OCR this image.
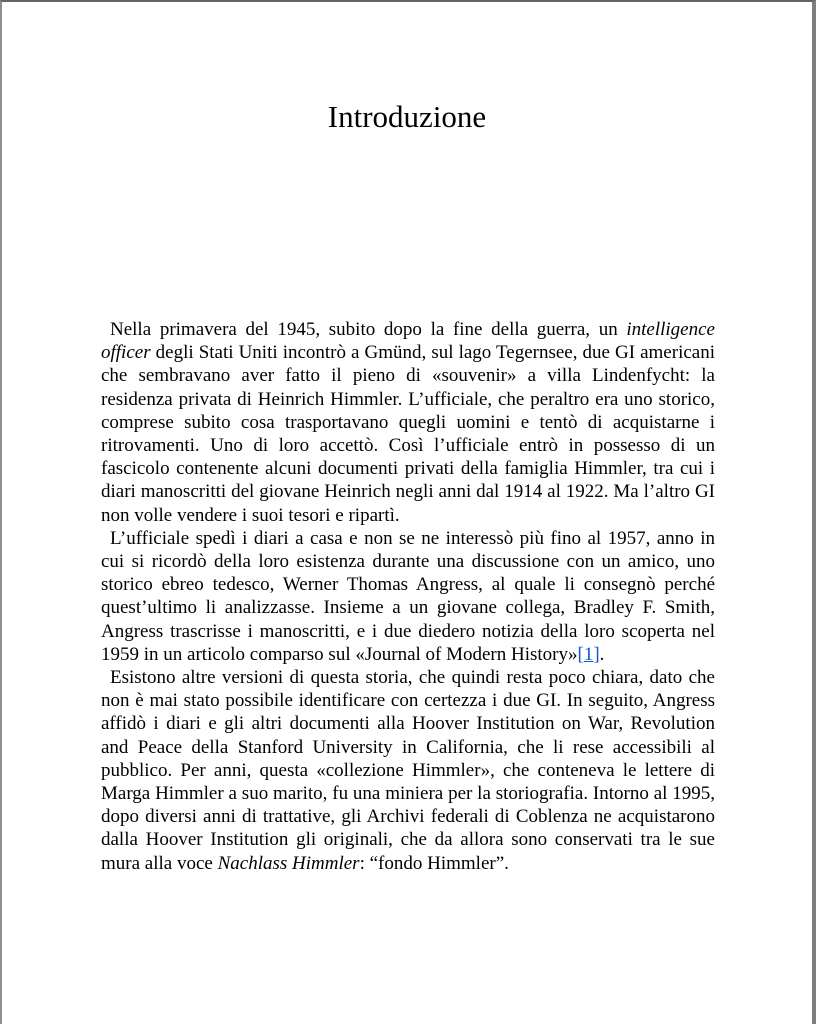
Introduzione

Nella primavera del 1945, subito dopo la fine della guerra, un intelligence officer degli Stati Uniti incontrò a Gmünd, sul lago Tegernsee, due GI americani che sembravano aver fatto il pieno di «souvenir» a villa Lindenfycht: la residenza privata di Heinrich Himmler. L’ufficiale, che peraltro era uno storico, comprese subito cosa trasportavano quegli uomini e tentò di acquistarne i ritrovamenti. Uno di loro accettò. Così l’ufficiale entrò in possesso di un fascicolo contenente alcuni documenti privati della famiglia Himmler, tra cui i diari manoscritti del giovane Heinrich negli anni dal 1914 al 1922. Ma l’altro GI non volle vendere i suoi tesori e ripartì.

L’ufficiale spedì i diari a casa e non se ne interessò più fino al 1957, anno in cui si ricordò della loro esistenza durante una discussione con un amico, uno storico ebreo tedesco, Werner Thomas Angress, al quale li consegnò perché quest’ultimo li analizzasse. Insieme a un giovane collega, Bradley F. Smith, Angress trascrisse i manoscritti, e i due diedero notizia della loro scoperta nel 1959 in un articolo comparso sul «Journal of Modern History»[1].

Esistono altre versioni di questa storia, che quindi resta poco chiara, dato che non è mai stato possibile identificare con certezza i due GI. In seguito, Angress affidò i diari e gli altri documenti alla Hoover Institution on War, Revolution and Peace della Stanford University in California, che li rese accessibili al pubblico. Per anni, questa «collezione Himmler», che conteneva le lettere di Marga Himmler a suo marito, fu una miniera per la storiografia. Intorno al 1995, dopo diversi anni di trattative, gli Archivi federali di Coblenza ne acquistarono dalla Hoover Institution gli originali, che da allora sono conservati tra le sue mura alla voce Nachlass Himmler: “fondo Himmler”.
